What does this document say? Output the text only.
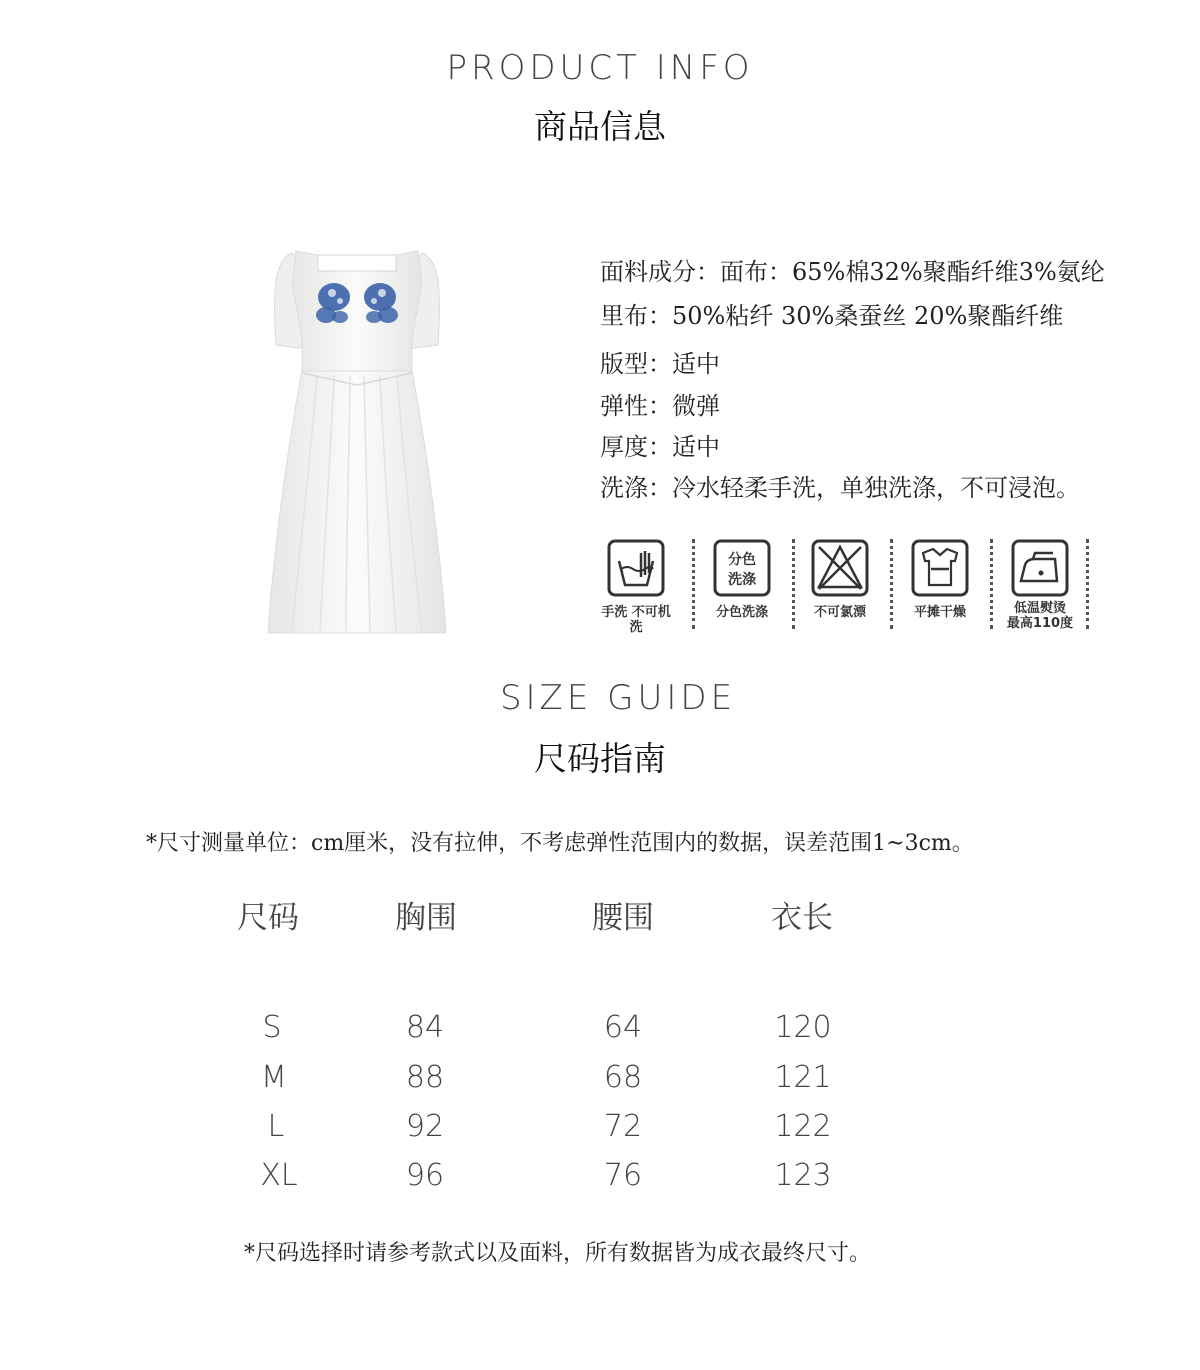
PRODUCT INFO
商品信息
面料成分：面布：65%棉32%聚酯纤维3%氨纶
里布：50%粘纤 30%桑蚕丝 20%聚酯纤维
版型：适中
弹性：微弹
厚度：适中
洗涤：冷水轻柔手洗，单独洗涤，不可浸泡。
手洗 不可机洗
分色
洗涤
分色洗涤	不可氯漂	平摊干燥	低温熨烫
最高110度
SIZE GUIDE
尺码指南
*尺寸测量单位：cm厘米，没有拉伸，不考虑弹性范围内的数据，误差范围1~3cm。
尺码	胸围	腰围	衣长
S	84	64	120
M	88	68	121
L	92	72	122
XL	96	76	123
*尺码选择时请参考款式以及面料，所有数据皆为成衣最终尺寸。
